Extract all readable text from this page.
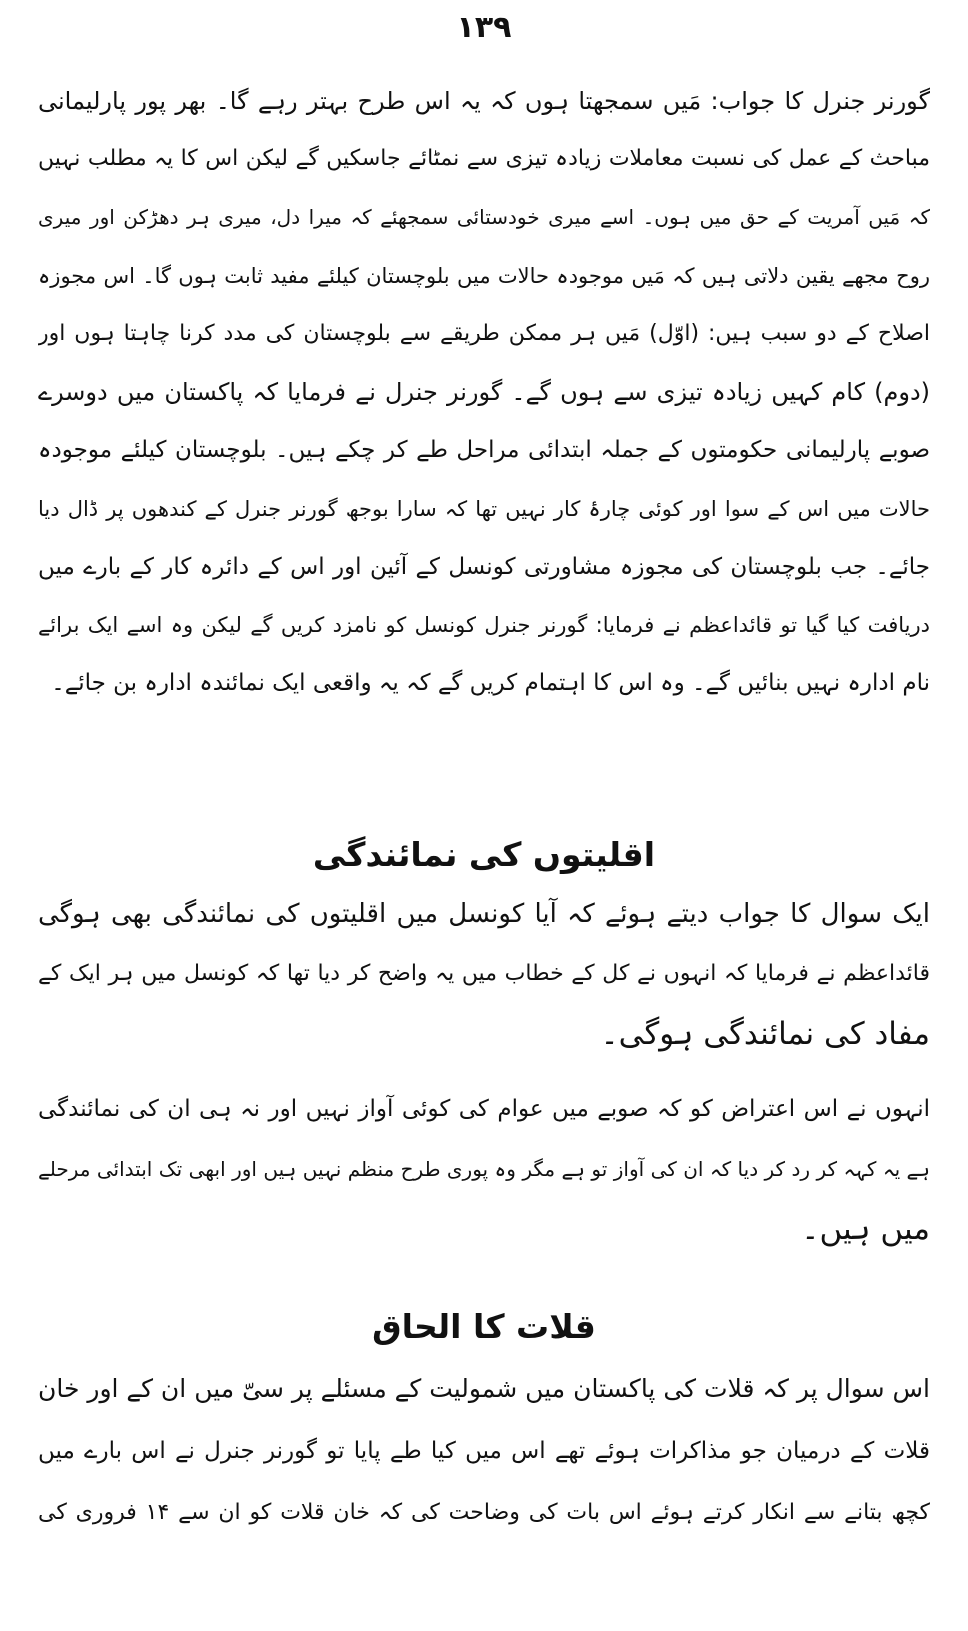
١٣٩
گورنر جنرل کا جواب: مَیں سمجھتا ہوں کہ یہ اس طرح بہتر رہے گا۔ بھر پور پارلیمانی
مباحث کے عمل کی نسبت معاملات زیادہ تیزی سے نمٹائے جاسکیں گے لیکن اس کا یہ مطلب نہیں
کہ مَیں آمریت کے حق میں ہوں۔ اسے میری خودستائی سمجھئے کہ میرا دل، میری ہر دھڑکن اور میری
روح مجھے یقین دلاتی ہیں کہ مَیں موجودہ حالات میں بلوچستان کیلئے مفید ثابت ہوں گا۔ اس مجوزہ
اصلاح کے دو سبب ہیں: (اوّل) مَیں ہر ممکن طریقے سے بلوچستان کی مدد کرنا چاہتا ہوں اور
(دوم) کام کہیں زیادہ تیزی سے ہوں گے۔ گورنر جنرل نے فرمایا کہ پاکستان میں دوسرے
صوبے پارلیمانی حکومتوں کے جملہ ابتدائی مراحل طے کر چکے ہیں۔ بلوچستان کیلئے موجودہ
حالات میں اس کے سوا اور کوئی چارۂ کار نہیں تھا کہ سارا بوجھ گورنر جنرل کے کندھوں پر ڈال دیا
جائے۔ جب بلوچستان کی مجوزہ مشاورتی کونسل کے آئین اور اس کے دائرہ کار کے بارے میں
دریافت کیا گیا تو قائداعظم نے فرمایا: گورنر جنرل کونسل کو نامزد کریں گے لیکن وہ اسے ایک برائے
نام ادارہ نہیں بنائیں گے۔ وہ اس کا اہتمام کریں گے کہ یہ واقعی ایک نمائندہ ادارہ بن جائے۔
اقلیتوں کی نمائندگی
ایک سوال کا جواب دیتے ہوئے کہ آیا کونسل میں اقلیتوں کی نمائندگی بھی ہوگی
قائداعظم نے فرمایا کہ انہوں نے کل کے خطاب میں یہ واضح کر دیا تھا کہ کونسل میں ہر ایک کے
مفاد کی نمائندگی ہوگی۔
انہوں نے اس اعتراض کو کہ صوبے میں عوام کی کوئی آواز نہیں اور نہ ہی ان کی نمائندگی
ہے یہ کہہ کر رد کر دیا کہ ان کی آواز تو ہے مگر وہ پوری طرح منظم نہیں ہیں اور ابھی تک ابتدائی مرحلے
میں ہیں۔
قلات کا الحاق
اس سوال پر کہ قلات کی پاکستان میں شمولیت کے مسئلے پر سیّ میں ان کے اور خان
قلات کے درمیان جو مذاکرات ہوئے تھے اس میں کیا طے پایا تو گورنر جنرل نے اس بارے میں
کچھ بتانے سے انکار کرتے ہوئے اس بات کی وضاحت کی کہ خان قلات کو ان سے ۱۴ فروری کی
